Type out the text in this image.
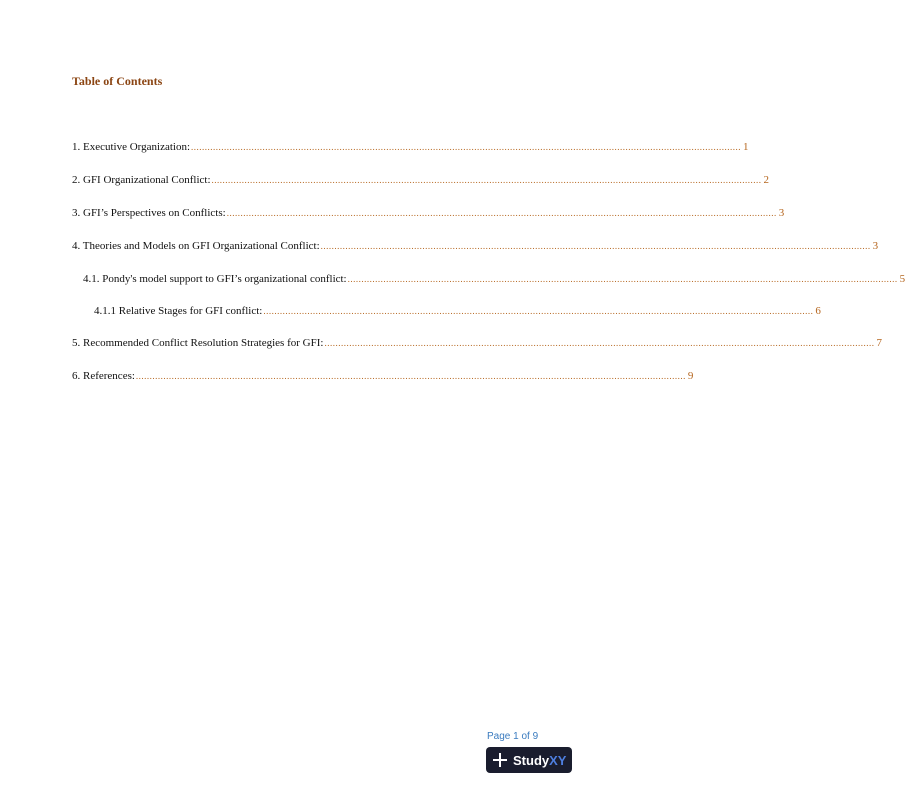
Table of Contents
1. Executive Organization: ........................................................................................................................................................................................................ 1
2. GFI Organizational Conflict: ........................................................................................................................................................................................................ 2
3. GFI’s Perspectives on Conflicts: ........................................................................................................................................................................................................ 3
4. Theories and Models on GFI Organizational Conflict: ........................................................................................................................................................................................................ 3
4.1. Pondy's model support to GFI’s organizational conflict: ........................................................................................................................................................................................................ 5
4.1.1 Relative Stages for GFI conflict: ........................................................................................................................................................................................................ 6
5. Recommended Conflict Resolution Strategies for GFI: ........................................................................................................................................................................................................ 7
6. References: ........................................................................................................................................................................................................ 9
Page 1 of 9
Study XY
